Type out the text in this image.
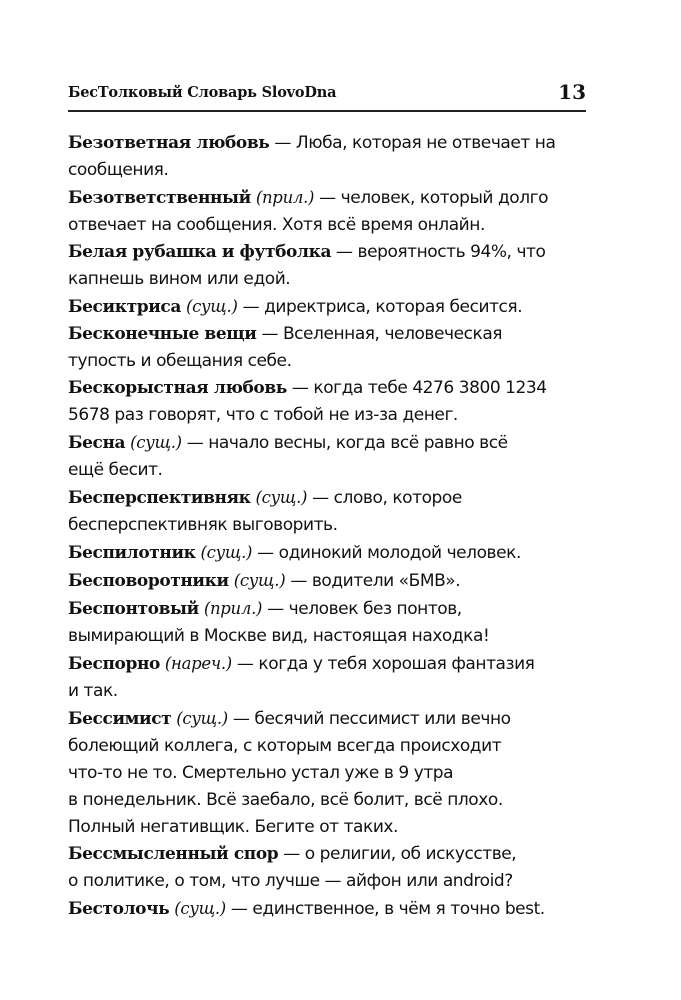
БесТолковый Словарь SlovoDna	13

Безответная любовь — Люба, которая не отвечает на
сообщения.

Безответственный (прил.) — человек, который долго
отвечает на сообщения. Хотя всё время онлайн.

Белая рубашка и футболка — вероятность 94%, что
капнешь вином или едой.

Бесиктриса (сущ.) — директриса, которая бесится.

Бесконечные вещи — Вселенная, человеческая
тупость и обещания себе.

Бескорыстная любовь — когда тебе 4276 3800 1234
5678 раз говорят, что с тобой не из-за денег.

Бесна (сущ.) — начало весны, когда всё равно всё
ещё бесит.

Бесперспективняк (сущ.) — слово, которое
бесперспективняк выговорить.

Беспилотник (сущ.) — одинокий молодой человек.

Бесповоротники (сущ.) — водители «БМВ».

Беспонтовый (прил.) — человек без понтов,
вымирающий в Москве вид, настоящая находка!

Беспорно (нареч.) — когда у тебя хорошая фантазия
и так.

Бессимист (сущ.) — бесячий пессимист или вечно
болеющий коллега, с которым всегда происходит
что-то не то. Смертельно устал уже в 9 утра
в понедельник. Всё заебало, всё болит, всё плохо.
Полный негативщик. Бегите от таких.

Бессмысленный спор — о религии, об искусстве,
о политике, о том, что лучше — айфон или android?

Бестолочь (сущ.) — единственное, в чём я точно best.
